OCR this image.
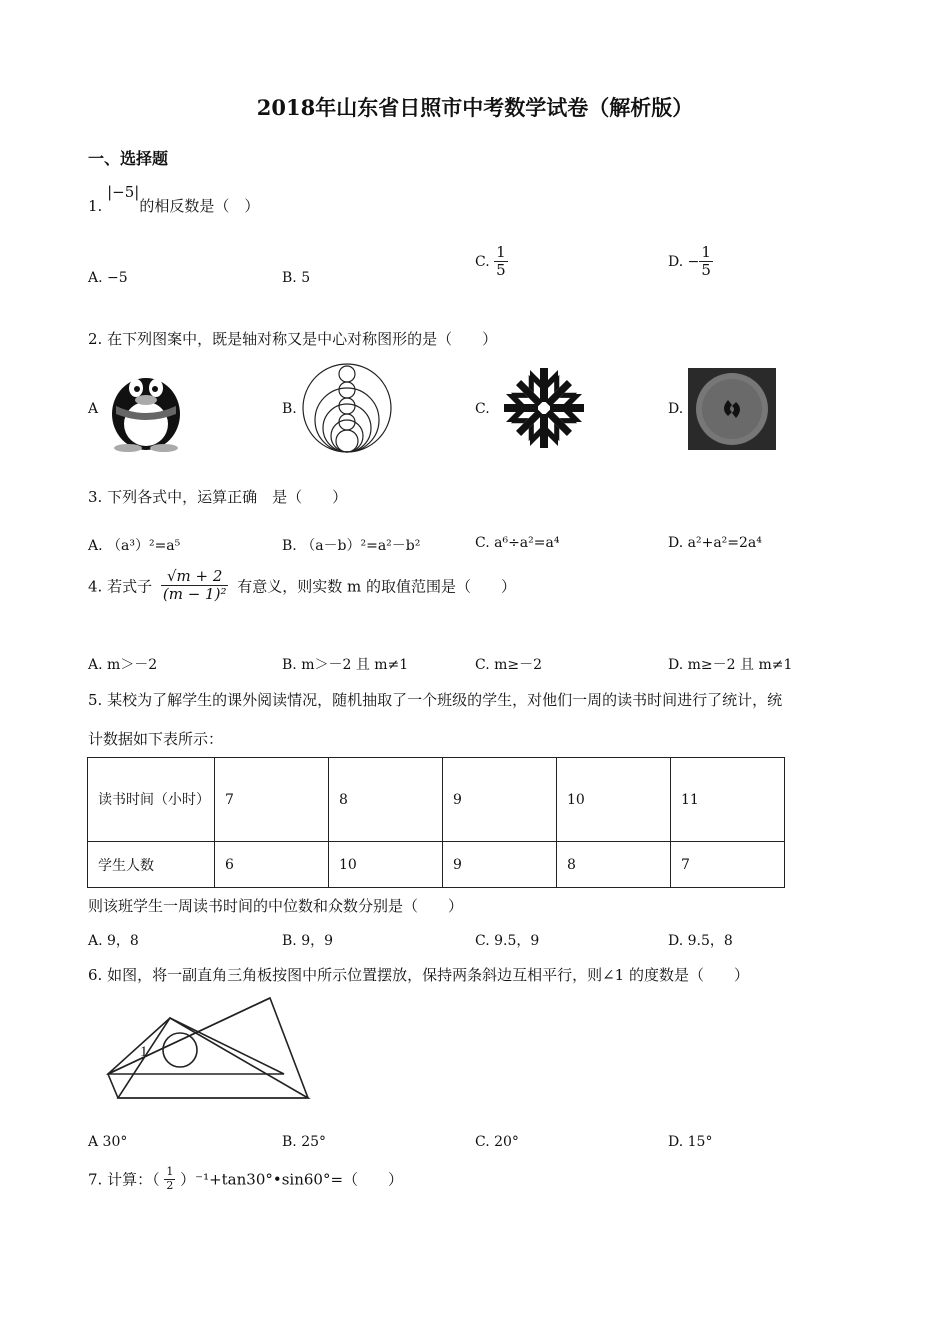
2018年山东省日照市中考数学试卷（解析版）
一、选择题
1. |−5|的相反数是（　）
A. −5	B. 5
C. $\frac{1}{5}$	D. − $\frac{1}{5}$
2. 在下列图案中，既是轴对称又是中心对称图形的是（　　）
A	B.	C.	D.
3. 下列各式中，运算正确　是（　　）
A. （a³）²=a⁵	B. （a－b）²=a²－b²	C. a⁶÷a²=a⁴	D. a²+a²=2a⁴
4. 若式子 $\frac{√m + 2}{\text{(m − 1)²}}$ 有意义，则实数 m 的取值范围是（　　）
A. m＞－2	B. m＞－2 且 m≠1	C. m≥－2	D. m≥－2 且 m≠1
5. 某校为了解学生的课外阅读情况，随机抽取了一个班级的学生，对他们一周的读书时间进行了统计，统
计数据如下表所示：
读书时间（小时）	7	8	9	10	11
学生人数	6	10	9	8	7
则该班学生一周读书时间的中位数和众数分别是（　　）
A. 9，8	B. 9，9	C. 9.5，9	D. 9.5，8
6. 如图，将一副直角三角板按图中所示位置摆放，保持两条斜边互相平行，则∠1 的度数是（　　）
1
A 30°	B. 25°	C. 20°	D. 15°
7. 计算：（ $\frac{1}{2}$ ）⁻¹+tan30°•sin60°=（　　）
